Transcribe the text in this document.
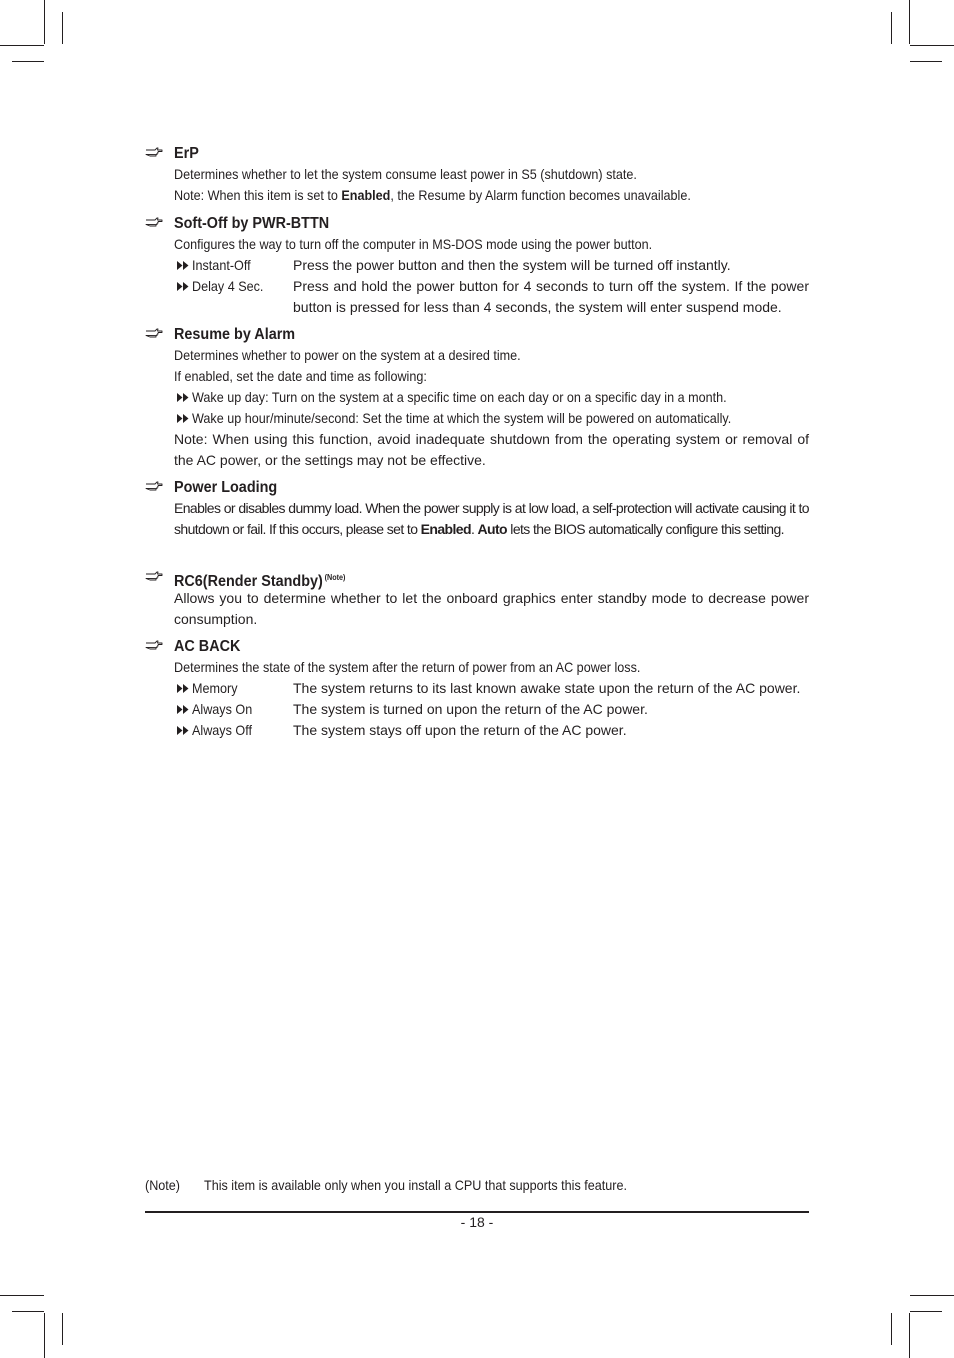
ErP
Determines whether to let the system consume least power in S5 (shutdown) state.
Note: When this item is set to Enabled, the Resume by Alarm function becomes unavailable.
Soft-Off by PWR-BTTN
Configures the way to turn off the computer in MS-DOS mode using the power button.
Instant-Off	Press the power button and then the system will be turned off instantly.
Delay 4 Sec. Press and hold the power button for 4 seconds to turn off the system. If the power button is pressed for less than 4 seconds, the system will enter suspend mode.
Resume by Alarm
Determines whether to power on the system at a desired time.
If enabled, set the date and time as following:
Wake up day: Turn on the system at a specific time on each day or on a specific day in a month.
Wake up hour/minute/second: Set the time at which the system will be powered on automatically.
Note: When using this function, avoid inadequate shutdown from the operating system or removal of the AC power, or the settings may not be effective.
Power Loading
Enables or disables dummy load. When the power supply is at low load, a self-protection will activate causing it to shutdown or fail. If this occurs, please set to Enabled. Auto lets the BIOS automatically configure this setting.
RC6(Render Standby) $^{(Note)}$
Allows you to determine whether to let the onboard graphics enter standby mode to decrease power consumption.
AC BACK
Determines the state of the system after the return of power from an AC power loss.
Memory	The system returns to its last known awake state upon the return of the AC power.
Always On	The system is turned on upon the return of the AC power.
Always Off	The system stays off upon the return of the AC power.
(Note) This item is available only when you install a CPU that supports this feature.
- 18 -
